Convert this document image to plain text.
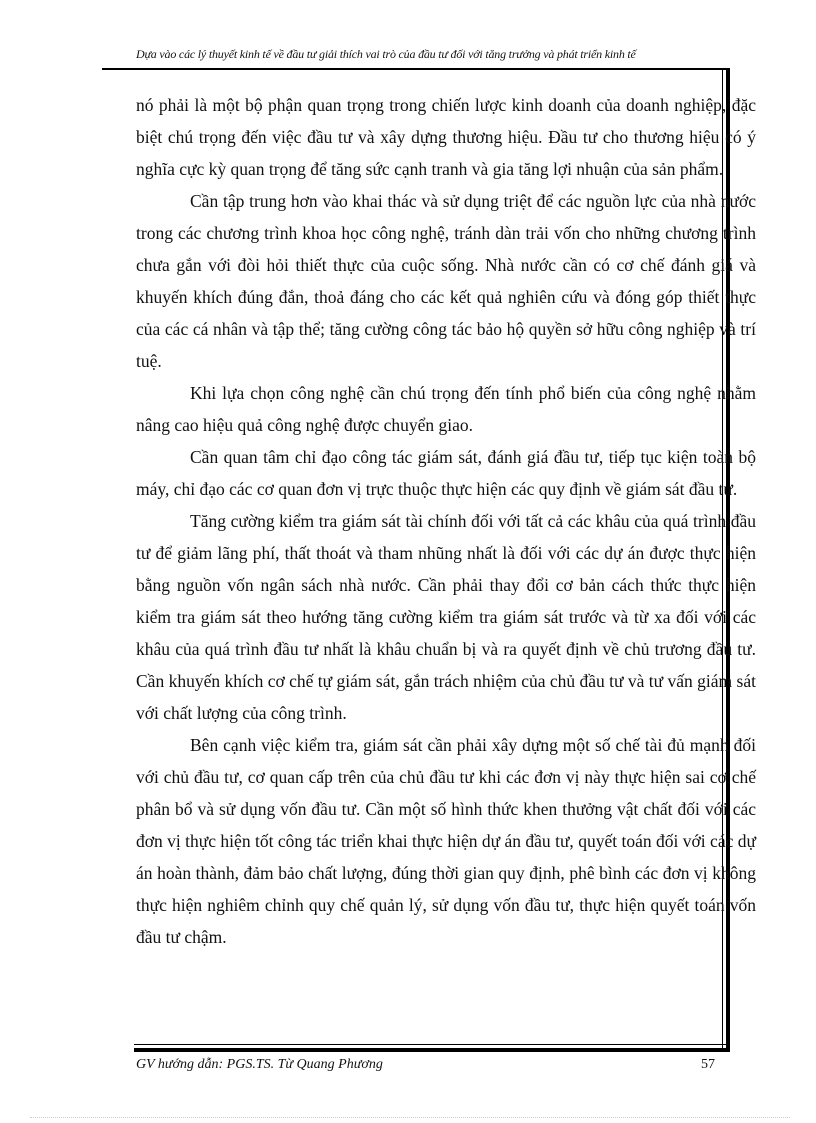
Dựa vào các lý thuyết kinh tế về đầu tư giải thích vai trò của đầu tư đối với tăng trưởng và phát triển kinh tế

nó phải là một bộ phận quan trọng trong chiến lược kinh doanh của doanh nghiệp, đặc biệt chú trọng đến việc đầu tư và xây dựng thương hiệu. Đầu tư cho thương hiệu có ý nghĩa cực kỳ quan trọng để tăng sức cạnh tranh và gia tăng lợi nhuận của sản phẩm.

Cần tập trung hơn vào khai thác và sử dụng triệt để các nguồn lực của nhà nước trong các chương trình khoa học công nghệ, tránh dàn trải vốn cho những chương trình chưa gắn với đòi hỏi thiết thực của cuộc sống. Nhà nước cần có cơ chế đánh giá và khuyến khích đúng đắn, thoả đáng cho các kết quả nghiên cứu và đóng góp thiết thực của các cá nhân và tập thể; tăng cường công tác bảo hộ quyền sở hữu công nghiệp và trí tuệ.

Khi lựa chọn công nghệ cần chú trọng đến tính phổ biến của công nghệ nhằm nâng cao hiệu quả công nghệ được chuyển giao.

Cần quan tâm chỉ đạo công tác giám sát, đánh giá đầu tư, tiếp tục kiện toàn bộ máy, chỉ đạo các cơ quan đơn vị trực thuộc thực hiện các quy định về giám sát đầu tư.

Tăng cường kiểm tra giám sát tài chính đối với tất cả các khâu của quá trình đầu tư để giảm lãng phí, thất thoát và tham nhũng nhất là đối với các dự án được thực hiện bằng nguồn vốn ngân sách nhà nước. Cần phải thay đổi cơ bản cách thức thực hiện kiểm tra giám sát theo hướng tăng cường kiểm tra giám sát trước và từ xa đối với các khâu của quá trình đầu tư nhất là khâu chuẩn bị và ra quyết định về chủ trương đầu tư. Cần khuyến khích cơ chế tự giám sát, gắn trách nhiệm của chủ đầu tư và tư vấn giám sát với chất lượng của công trình.

Bên cạnh việc kiểm tra, giám sát cần phải xây dựng một số chế tài đủ mạnh đối với chủ đầu tư, cơ quan cấp trên của chủ đầu tư khi các đơn vị này thực hiện sai cơ chế phân bổ và sử dụng vốn đầu tư. Cần một số hình thức khen thưởng vật chất đối với các đơn vị thực hiện tốt công tác triển khai thực hiện dự án đầu tư, quyết toán đối với các dự án hoàn thành, đảm bảo chất lượng, đúng thời gian quy định, phê bình các đơn vị không thực hiện nghiêm chỉnh quy chế quản lý, sử dụng vốn đầu tư, thực hiện quyết toán vốn đầu tư chậm.

GV hướng dẫn: PGS.TS. Từ Quang Phương	57
